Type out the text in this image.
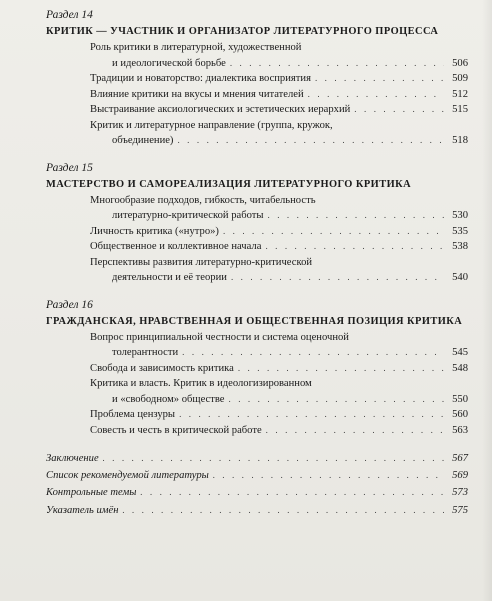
Раздел 14
КРИТИК — УЧАСТНИК И ОРГАНИЗАТОР ЛИТЕРАТУРНОГО ПРОЦЕССА
Роль критики в литературной, художественной
и идеологической борьбе . . .	506
Традиции и новаторство: диалектика восприятия . . .	509
Влияние критики на вкусы и мнения читателей . . .	512
Выстраивание аксиологических и эстетических иерархий . . .	515
Критик и литературное направление (группа, кружок,
объединение) . . .	518
Раздел 15
МАСТЕРСТВО И САМОРЕАЛИЗАЦИЯ ЛИТЕРАТУРНОГО КРИТИКА
Многообразие подходов, гибкость, читабельность
литературно-критической работы . . .	530
Личность критика («нутро») . . .	535
Общественное и коллективное начала . . .	538
Перспективы развития литературно-критической
деятельности и её теории . . .	540
Раздел 16
ГРАЖДАНСКАЯ, НРАВСТВЕННАЯ И ОБЩЕСТВЕННАЯ ПОЗИЦИЯ КРИТИКА
Вопрос принципиальной честности и система оценочной
толерантности . . .	545
Свобода и зависимость критика . . .	548
Критика и власть. Критик в идеологизированном
и «свободном» обществе . . .	550
Проблема цензуры . . .	560
Совесть и честь в критической работе . . .	563
Заключение . . .	567
Список рекомендуемой литературы . . .	569
Контрольные темы . . .	573
Указатель имён . . .	575
